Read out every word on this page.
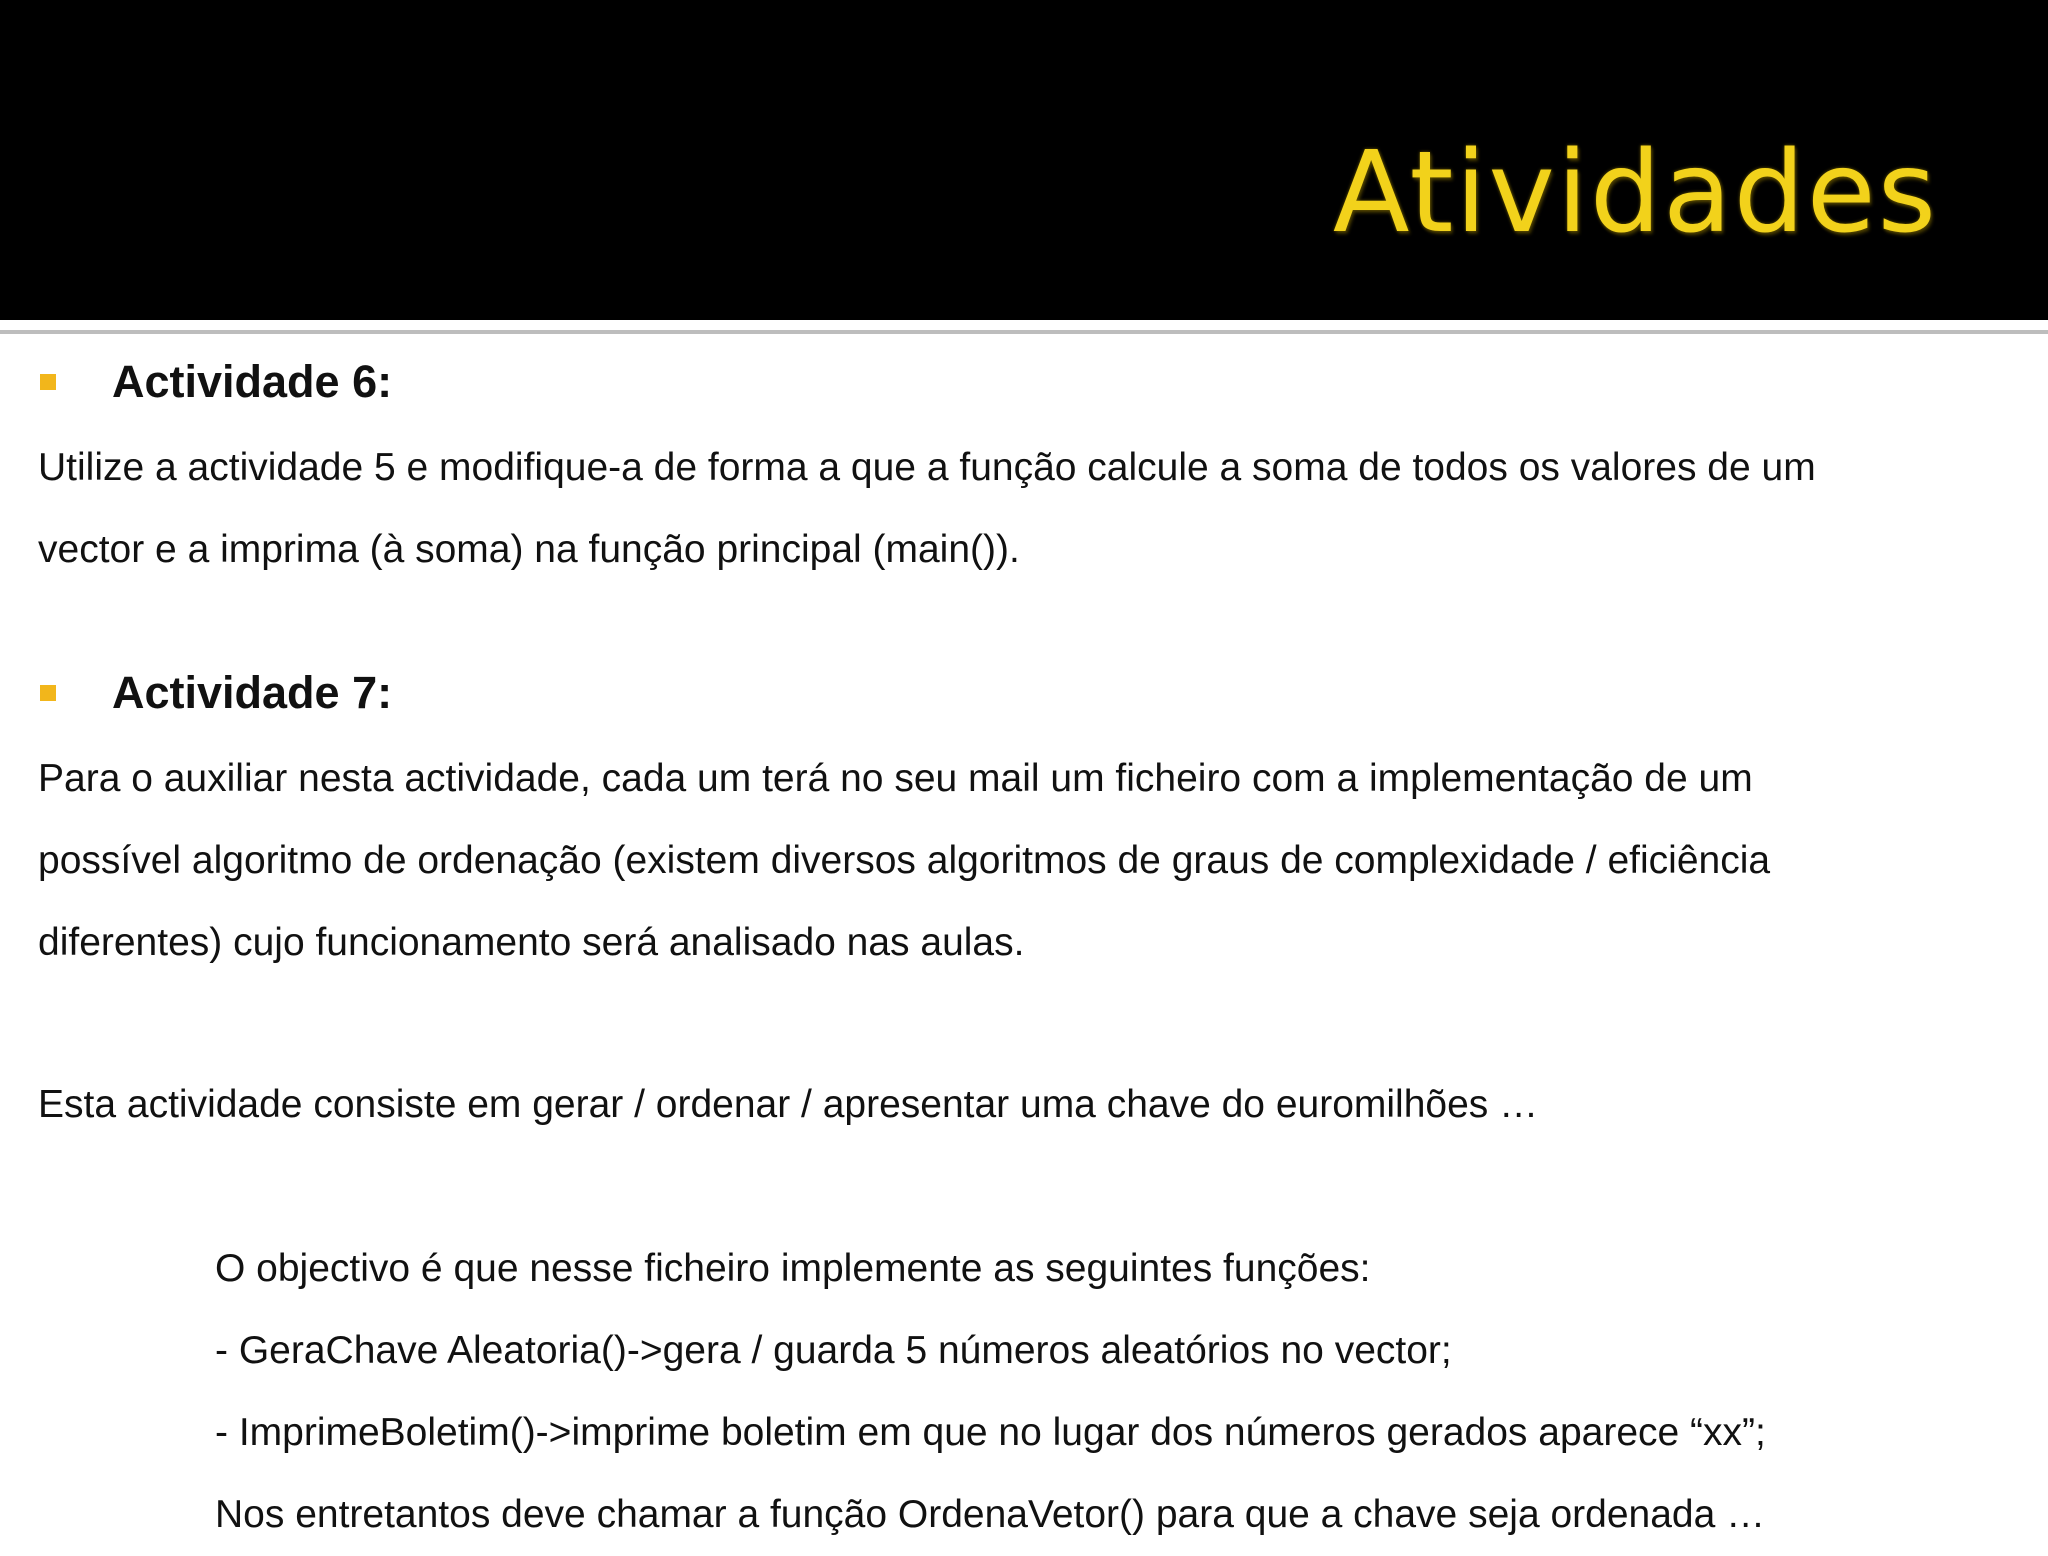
Atividades
Actividade 6:
Utilize a actividade 5 e modifique-a de forma a que a função calcule a soma de todos os valores de um
vector e a imprima (à soma) na função principal (main()).
Actividade 7:
Para o auxiliar nesta actividade, cada um terá no seu mail um ficheiro com a implementação de um
possível algoritmo de ordenação (existem diversos algoritmos de graus de complexidade / eficiência
diferentes) cujo funcionamento será analisado nas aulas.
Esta actividade consiste em gerar / ordenar / apresentar uma chave do euromilhões …
O objectivo é que nesse ficheiro implemente as seguintes funções:
- GeraChave Aleatoria()->gera / guarda 5 números aleatórios no vector;
- ImprimeBoletim()->imprime boletim em que no lugar dos números gerados aparece “xx”;
Nos entretantos deve chamar a função OrdenaVetor() para que a chave seja ordenada …
